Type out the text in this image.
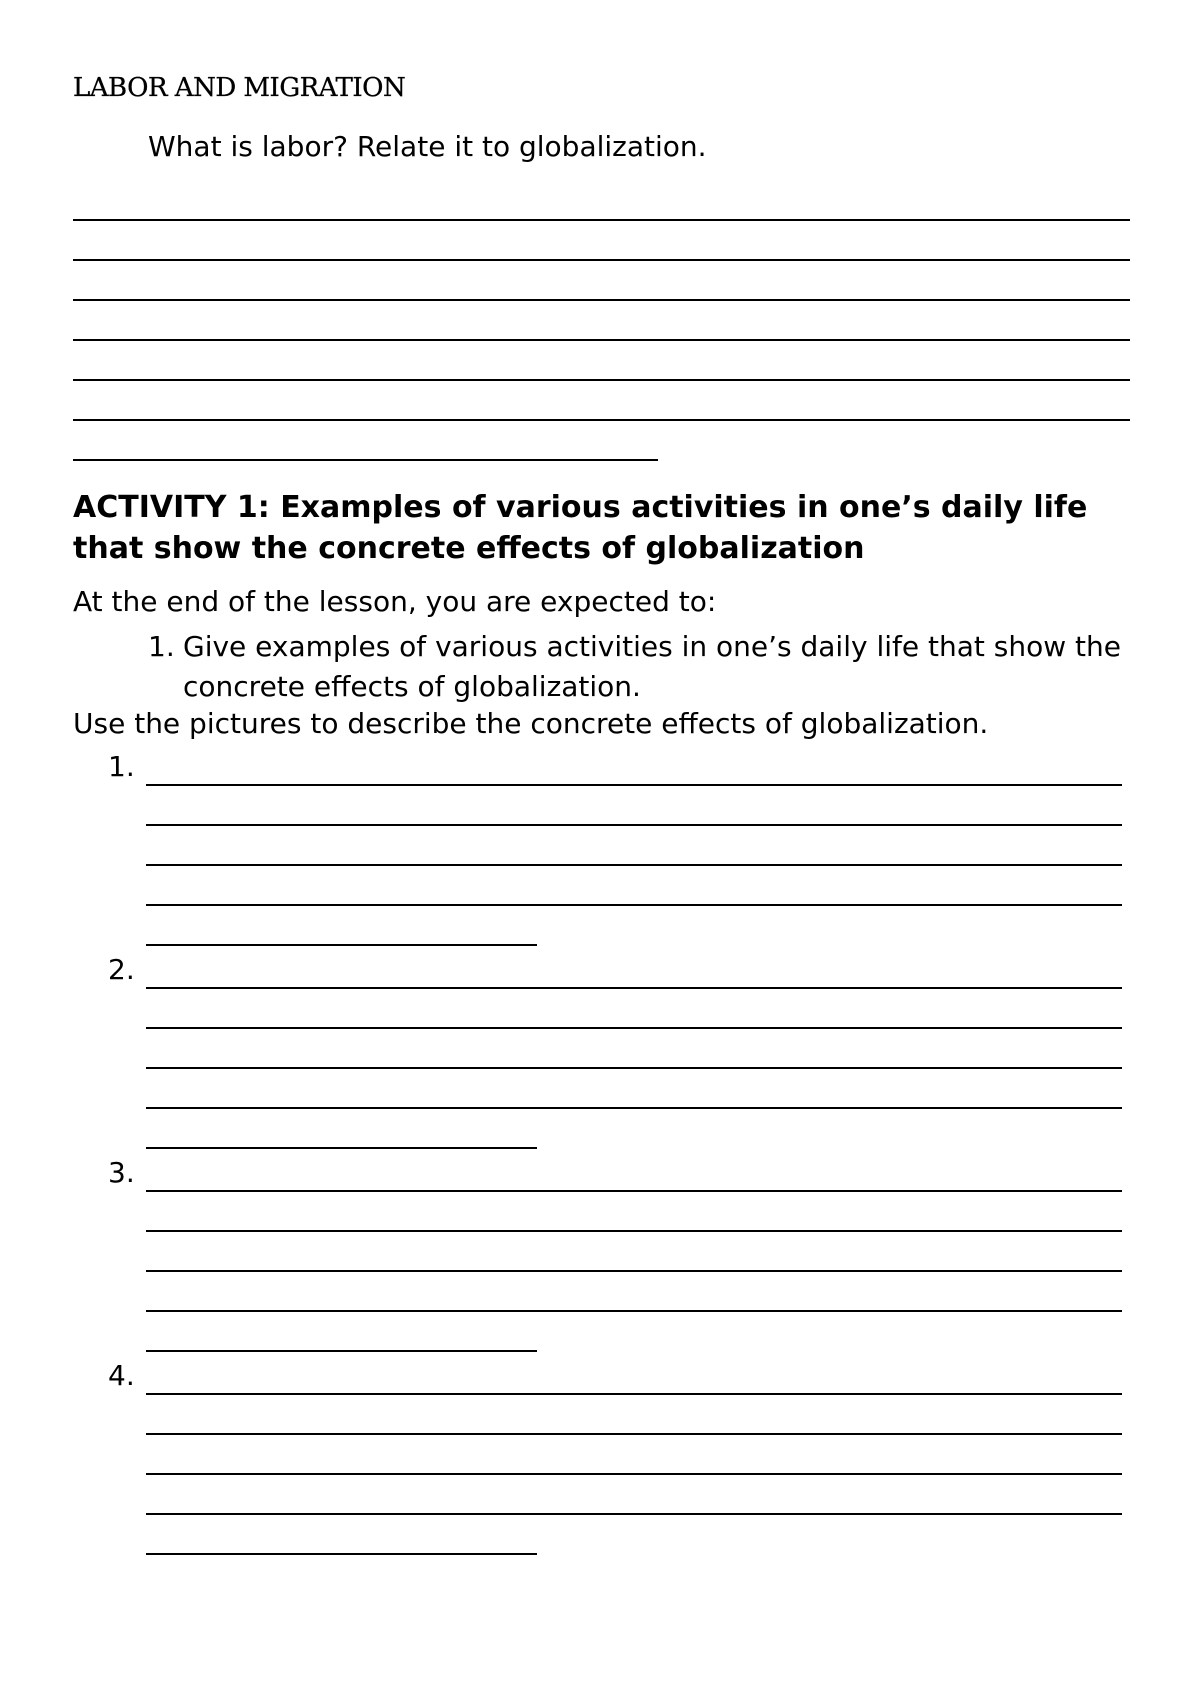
LABOR AND MIGRATION

What is labor? Relate it to globalization.

ACTIVITY 1: Examples of various activities in one’s daily life that show the concrete effects of globalization

At the end of the lesson, you are expected to:

1. Give examples of various activities in one’s daily life that show the concrete effects of globalization.

Use the pictures to describe the concrete effects of globalization.

1.

2.

3.

4.
